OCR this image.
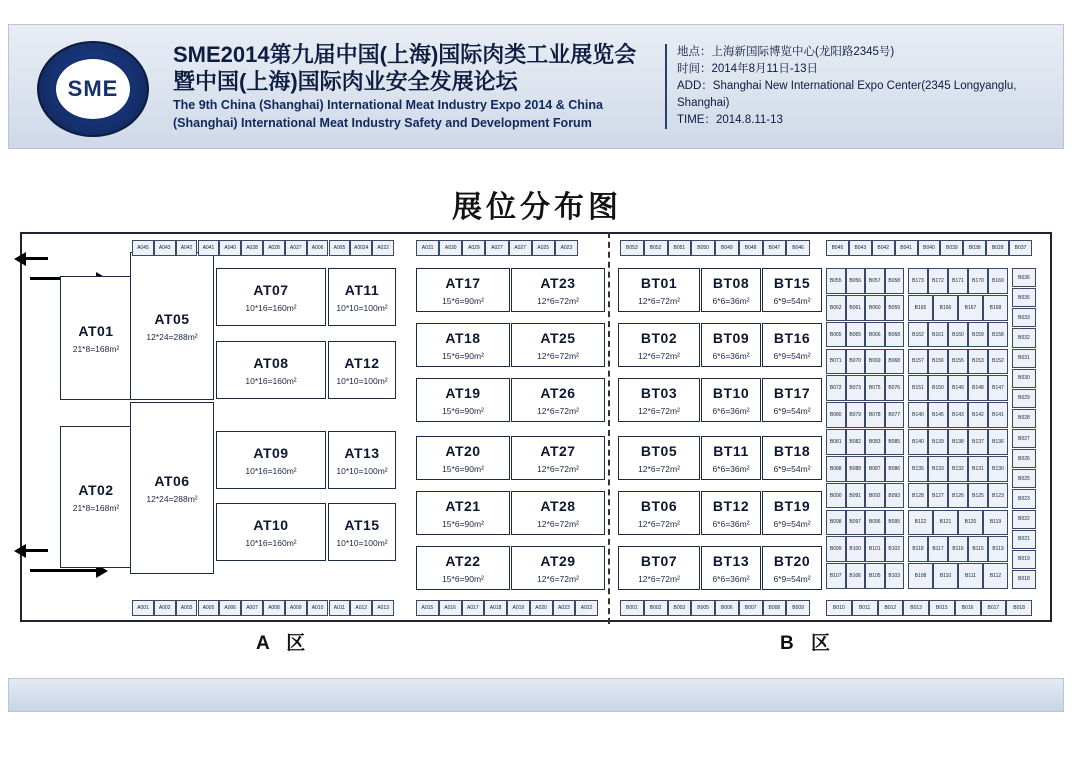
SME
SME2014第九届中国(上海)国际肉类工业展览会
暨中国(上海)国际肉业安全发展论坛
The 9th China (Shanghai) International Meat Industry Expo 2014 & China
(Shanghai) International Meat Industry Safety and Development Forum
地点：上海新国际博览中心(龙阳路2345号)
时间：2014年8月11日-13日
ADD：Shanghai New International Expo Center(2345 Longyanglu, Shanghai)
TIME：2014.8.11-13
展位分布图
AT01
21*8=168m²
AT02
21*8=168m²
AT05
12*24=288m²
AT06
12*24=288m²
AT07
10*16=160m²
AT08
10*16=160m²
AT09
10*16=160m²
AT10
10*16=160m²
AT11
10*10=100m²
AT12
10*10=100m²
AT13
10*10=100m²
AT15
10*10=100m²
AT17
15*6=90m²
AT18
15*6=90m²
AT19
15*6=90m²
AT20
15*6=90m²
AT21
15*6=90m²
AT22
15*6=90m²
AT23
12*6=72m²
AT25
12*6=72m²
AT26
12*6=72m²
AT27
12*6=72m²
AT28
12*6=72m²
AT29
12*6=72m²
BT01
12*6=72m²
BT02
12*6=72m²
BT03
12*6=72m²
BT05
12*6=72m²
BT06
12*6=72m²
BT07
12*6=72m²
BT08
6*6=36m²
BT09
6*6=36m²
BT10
6*6=36m²
BT11
6*6=36m²
BT12
6*6=36m²
BT13
6*6=36m²
BT15
6*9=54m²
BT16
6*9=54m²
BT17
6*9=54m²
BT18
6*9=54m²
BT19
6*9=54m²
BT20
6*9=54m²
A045	A043	A042	A041	A040	A028	A028	A027	A006	A005	A0024	A022	A031	A030	A029	A027	A027	A025	A023	B053	B052	B051	B050	B049	B048	B047	B046	B045	B043	B042	B041	B040	B039	B038	B028	B037
A001	A002	A003	A005	A006	A007	A008	A009	A010	A011	A012	A013	A015	A016	A017	A018	A019	A020	A023	A022	B001	B002	B003	B005	B006	B007	B008	B009	B010	B011	B012	B013	B015	B016	B017	B018
B055	B056	B057	B058
B062	B061	B060	B059
B065	B065	B066	B068
B071	B070	B069	B068
B072	B073	B075	B076
B080	B079	B078	B077
B081	B082	B083	B085
B088	B088	B087	B086
B090	B091	B092	B093
B098	B097	B096	B095
B099	B100	B101	B102
B107	B106	B105	B103
B173	B172	B171	B170	B169
B165	B166	B167	B168
B162	B161	B160	B159	B158
B157	B156	B155	B153	B152
B151	B150	B149	B148	B147
B140	B145	B143	B142	B141
B140	B139	B138	B137	B136
B135	B133	B132	B131	B130
B128	B127	B126	B125	B123
B122	B121	B120	B119
B118	B117	B116	B115	B113
B108	B110	B111	B112
B036
B035
B033
B032
B031
B030
B029
B028
B027
B026
B025
B023
B022
B021
B019
B018
A 区	B 区
